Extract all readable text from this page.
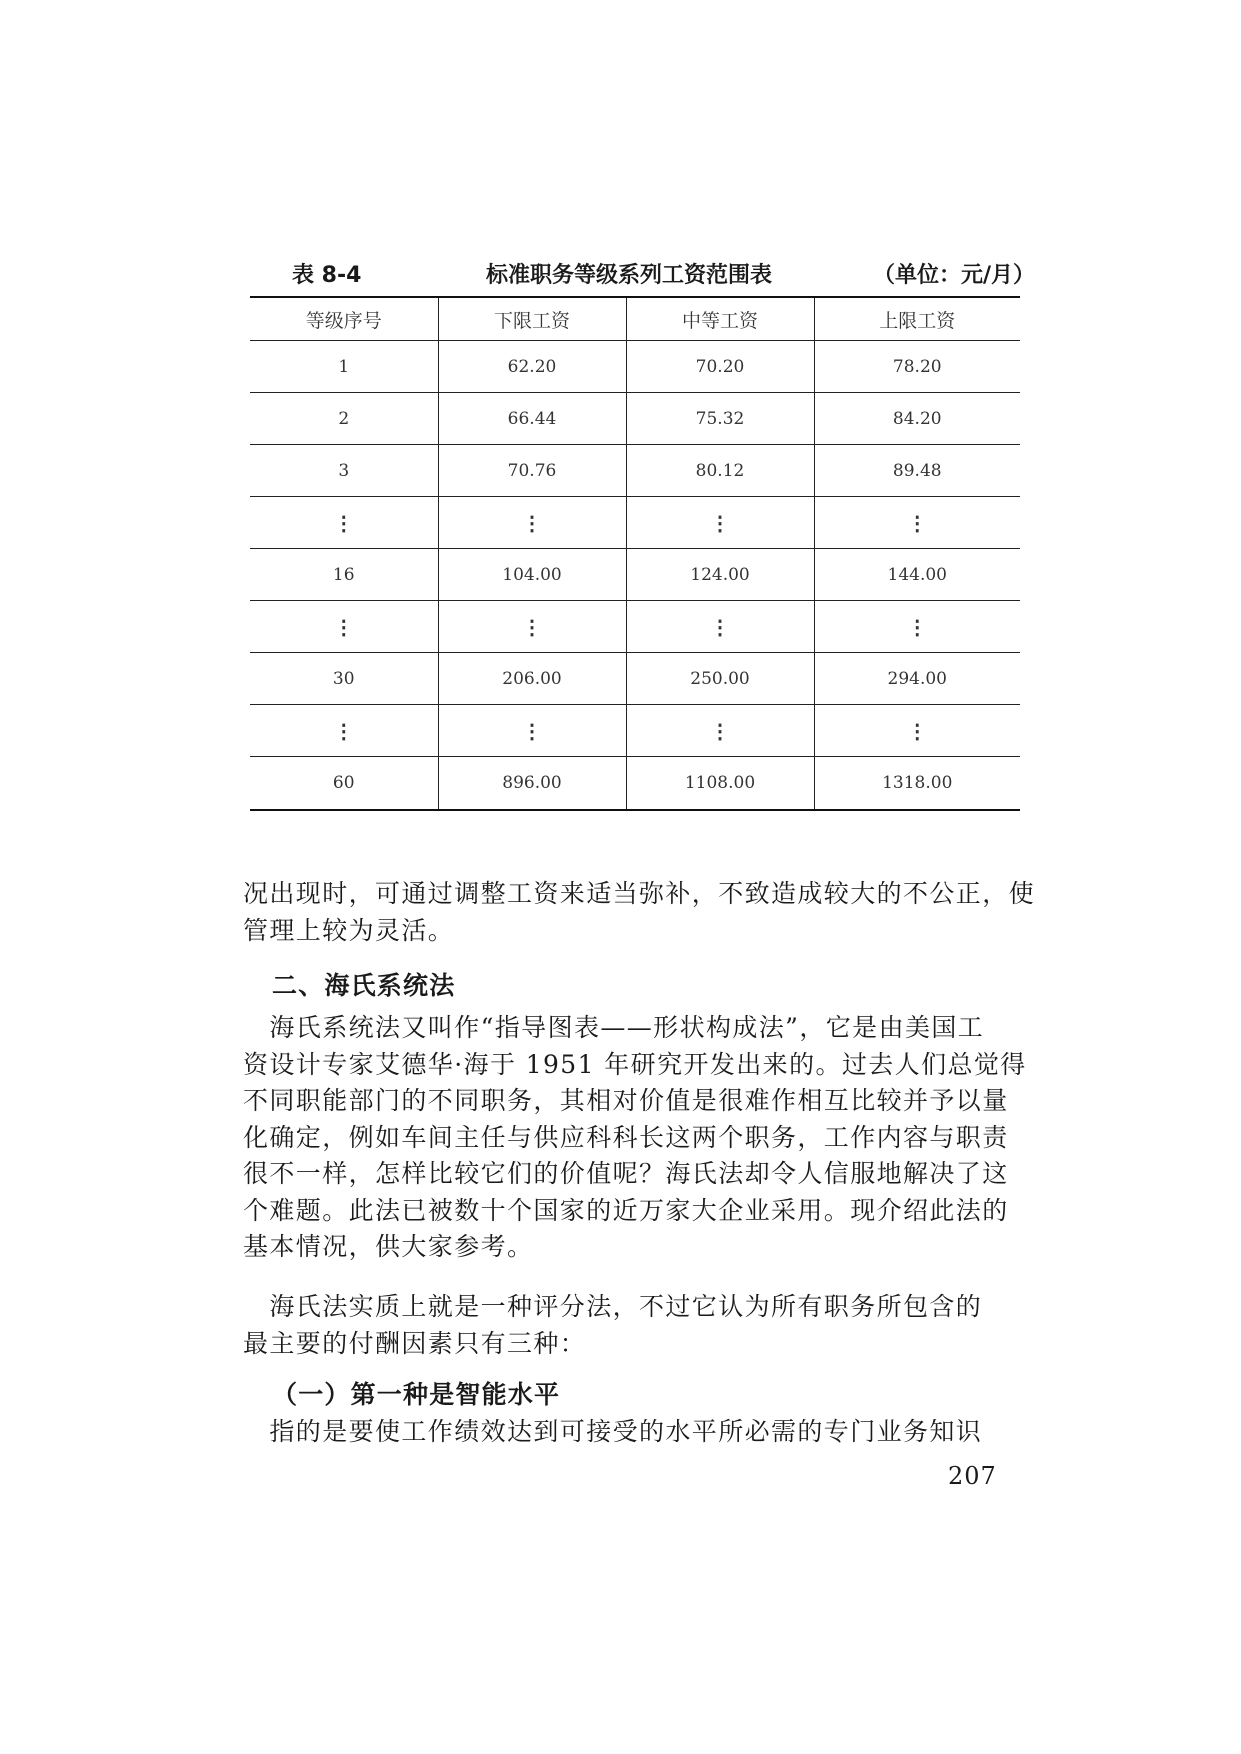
表 8-4	标准职务等级系列工资范围表	（单位：元/月）
等级序号	下限工资	中等工资	上限工资
1	62.20	70.20	78.20
2	66.44	75.32	84.20
3	70.76	80.12	89.48
⋮	⋮	⋮	⋮
16	104.00	124.00	144.00
⋮	⋮	⋮	⋮
30	206.00	250.00	294.00
⋮	⋮	⋮	⋮
60	896.00	1108.00	1318.00

况出现时，可通过调整工资来适当弥补，不致造成较大的不公正，使
管理上较为灵活。

二、海氏系统法

　海氏系统法又叫作“指导图表——形状构成法”，它是由美国工
资设计专家艾德华·海于 1951 年研究开发出来的。过去人们总觉得
不同职能部门的不同职务，其相对价值是很难作相互比较并予以量
化确定，例如车间主任与供应科科长这两个职务，工作内容与职责
很不一样，怎样比较它们的价值呢？海氏法却令人信服地解决了这
个难题。此法已被数十个国家的近万家大企业采用。现介绍此法的
基本情况，供大家参考。

　海氏法实质上就是一种评分法，不过它认为所有职务所包含的
最主要的付酬因素只有三种：

（一）第一种是智能水平

　指的是要使工作绩效达到可接受的水平所必需的专门业务知识

207
